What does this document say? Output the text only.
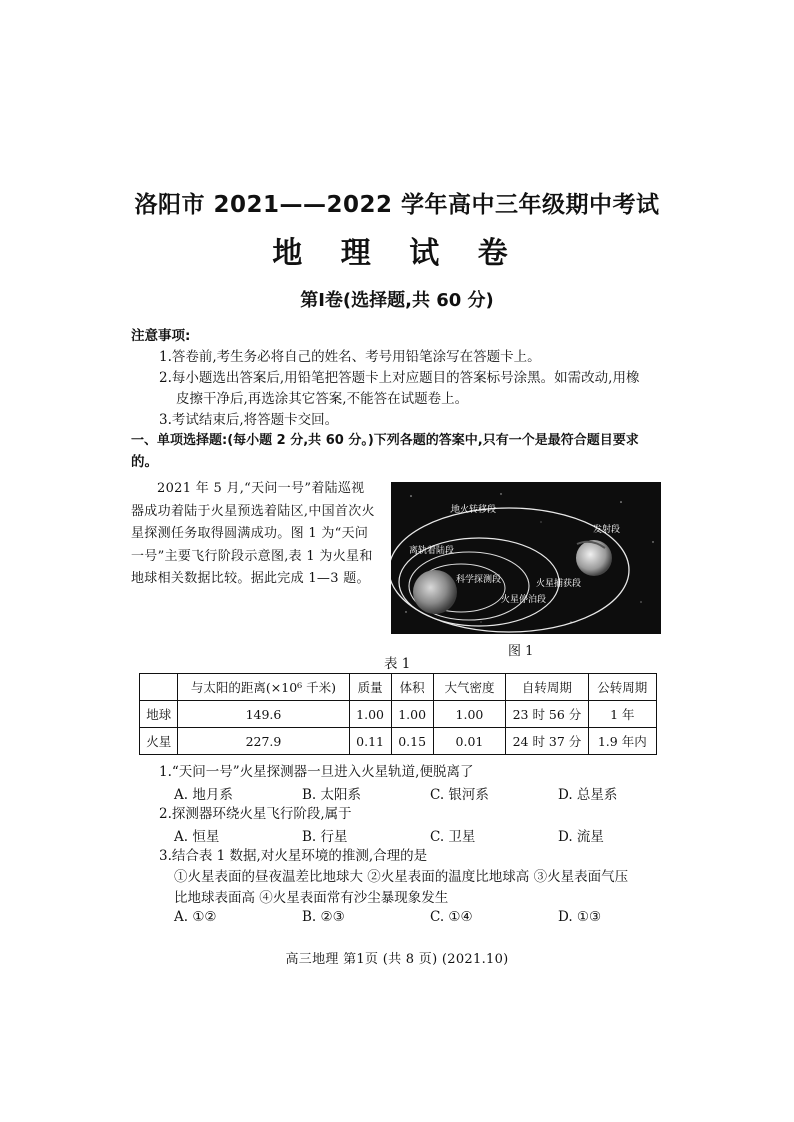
洛阳市 2021——2022 学年高中三年级期中考试
地 理 试 卷
第Ⅰ卷(选择题,共 60 分)
注意事项:
1.答卷前,考生务必将自己的姓名、考号用铅笔涂写在答题卡上。
2.每小题选出答案后,用铅笔把答题卡上对应题目的答案标号涂黑。如需改动,用橡
皮擦干净后,再选涂其它答案,不能答在试题卷上。
3.考试结束后,将答题卡交回。
一、单项选择题:(每小题 2 分,共 60 分。)下列各题的答案中,只有一个是最符合题目要求
的。

2021 年 5 月,“天问一号”着陆巡视器成功着陆于火星预选着陆区,中国首次火星探测任务取得圆满成功。图 1 为“天问一号”主要飞行阶段示意图,表 1 为火星和地球相关数据比较。据此完成 1—3 题。

地火转移段
发射段
离轨着陆段
科学探测段	火星捕获段
火星停泊段
图 1
表 1
	与太阳的距离(×10⁶ 千米)	质量	体积	大气密度	自转周期	公转周期
地球	149.6	1.00	1.00	1.00	23 时 56 分	1 年
火星	227.9	0.11	0.15	0.01	24 时 37 分	1.9 年内
1.“天问一号”火星探测器一旦进入火星轨道,便脱离了
A. 地月系	B. 太阳系	C. 银河系	D. 总星系
2.探测器环绕火星飞行阶段,属于
A. 恒星	B. 行星	C. 卫星	D. 流星
3.结合表 1 数据,对火星环境的推测,合理的是
①火星表面的昼夜温差比地球大 ②火星表面的温度比地球高 ③火星表面气压
比地球表面高 ④火星表面常有沙尘暴现象发生
A. ①②	B. ②③	C. ①④	D. ①③
高三地理 第1页 (共 8 页) (2021.10)
